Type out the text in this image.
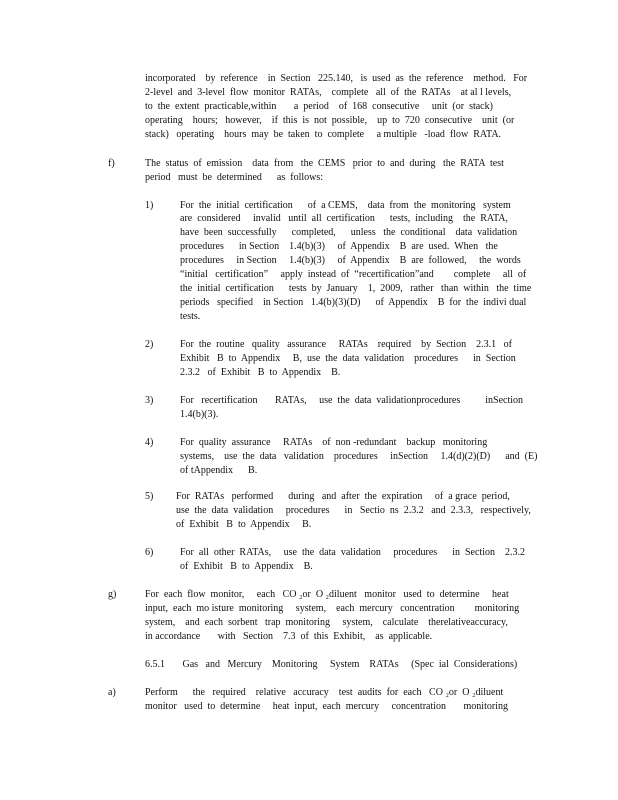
incorporated    by  reference    in  Section   225.140,   is  used  as  the  reference    method.   For
2-level  and  3-level  flow  monitor  RATAs,    complete   all  of  the  RATAs    at al l levels,
to  the  extent  practicable,within       a  period    of  168  consecutive     unit  (or  stack)
operating    hours;   however,    if  this  is  not  possible,    up  to  720  consecutive    unit  (or
stack)   operating    hours  may  be  taken  to  complete     a multiple   -load  flow  RATA.
f)	The  status  of  emission    data  from   the  CEMS   prior  to  and  during   the  RATA  test
period   must  be  determined      as  follows:
1)	For  the  initial  certification      of  a CEMS,    data  from  the  monitoring   system
are  considered     invalid   until  all  certification      tests,  including    the  RATA,
have  been  successfully      completed,      unless   the  conditional    data  validation
procedures      in Section    1.4(b)(3)     of  Appendix    B  are  used.  When   the
procedures     in Section     1.4(b)(3)     of  Appendix    B  are  followed,     the  words
“initial   certification”     apply  instead  of  “recertification”and        complete     all  of
the  initial  certification      tests  by  January    1,  2009,   rather   than  within   the  time
periods   specified    in Section   1.4(b)(3)(D)      of  Appendix    B  for  the  indivi dual
tests.
2)	For  the  routine   quality   assurance     RATAs    required    by  Section    2.3.1   of
Exhibit   B  to  Appendix     B,  use  the  data  validation    procedures      in  Section
2.3.2   of  Exhibit   B  to  Appendix    B.
3)	For   recertification       RATAs,     use  the  data  validationprocedures          inSection
1.4(b)(3).
4)	For  quality  assurance     RATAs    of  non -redundant    backup   monitoring
systems,    use  the  data   validation    procedures     inSection     1.4(d)(2)(D)      and  (E)
of tAppendix      B.
5) For  RATAs   performed      during   and  after  the  expiration     of  a grace  period,
use  the  data  validation     procedures      in   Sectio  ns  2.3.2   and  2.3.3,   respectively,
of  Exhibit   B  to  Appendix     B.
6)	For  all  other  RATAs,     use  the  data  validation     procedures      in  Section    2.3.2
of  Exhibit   B  to  Appendix    B.
g)	For  each  flow  monitor,     each   CO ₂or  O ₂diluent   monitor   used  to  determine     heat
input,  each  mo isture  monitoring     system,    each  mercury   concentration        monitoring
system,    and  each  sorbent   trap  monitoring     system,    calculate    therelativeaccuracy,
in accordance       with   Section    7.3  of  this  Exhibit,    as  applicable.
6.5.1       Gas   and   Mercury    Monitoring     System    RATAs     (Spec  ial  Considerations)
a)	Perform      the   required    relative   accuracy    test  audits  for  each   CO ₂or  O ₂diluent
monitor   used  to  determine     heat  input,  each  mercury     concentration       monitoring
